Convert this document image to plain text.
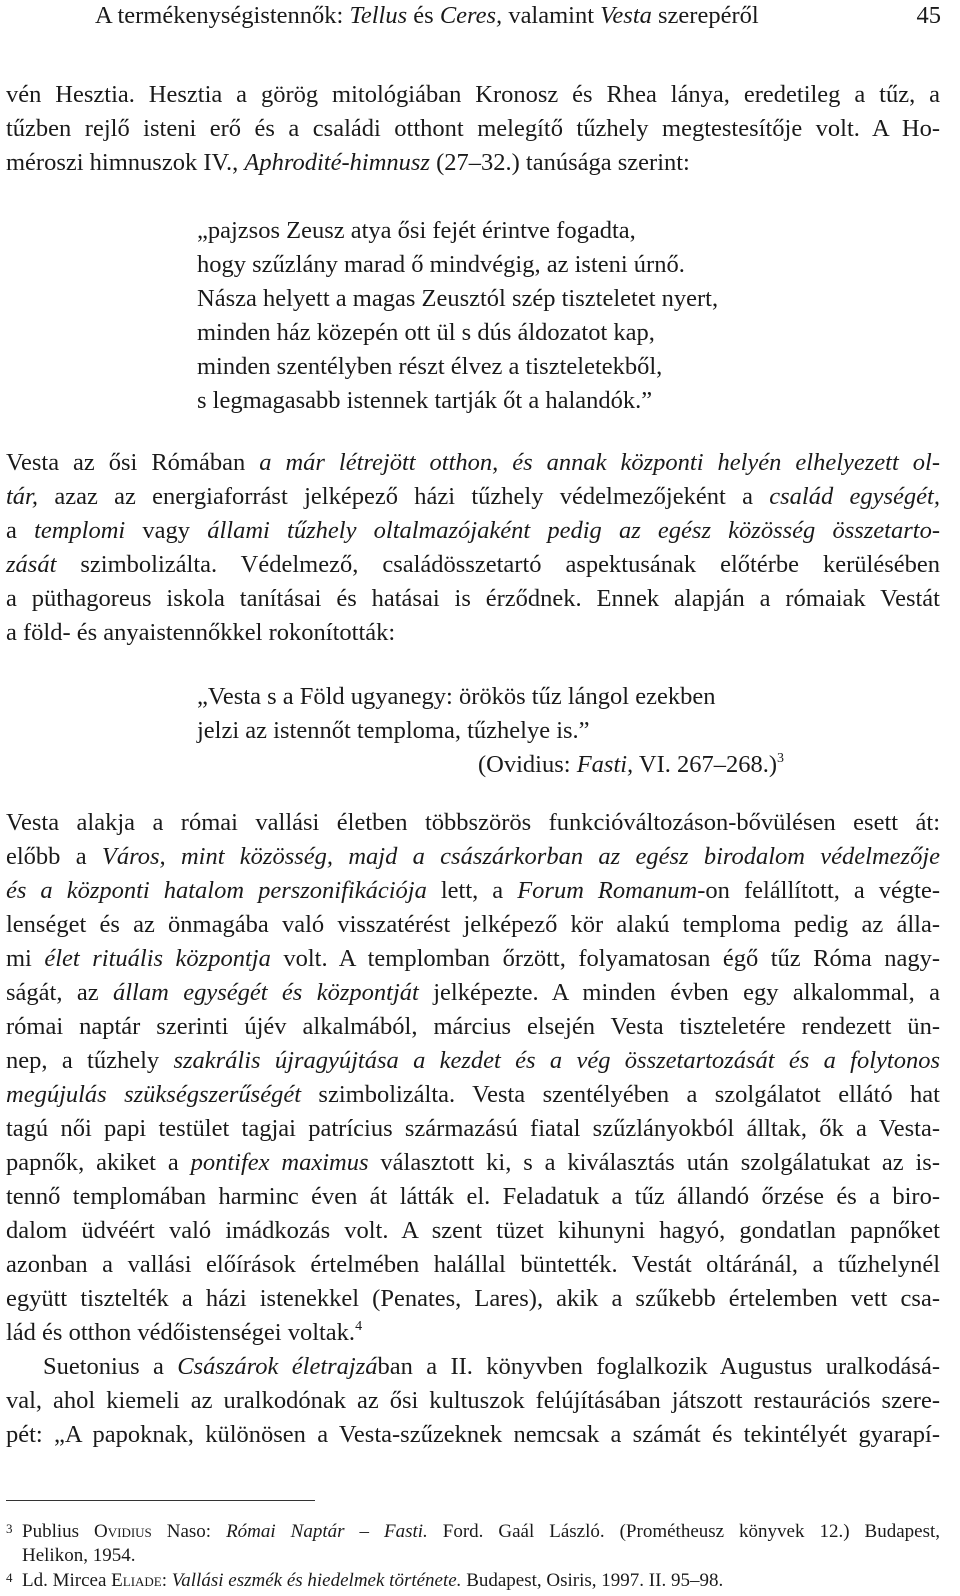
A termékenységistennők: Tellus és Ceres, valamint Vesta szerepéről	45
vén Hesztia. Hesztia a görög mitológiában Kronosz és Rhea lánya, eredetileg a tűz, a
tűzben rejlő isteni erő és a családi otthont melegítő tűzhely megtestesítője volt. A Ho-
méroszi himnuszok IV., Aphrodité-himnusz (27–32.) tanúsága szerint:
„pajzsos Zeusz atya ősi fejét érintve fogadta,
hogy szűzlány marad ő mindvégig, az isteni úrnő.
Násza helyett a magas Zeusztól szép tiszteletet nyert,
minden ház közepén ott ül s dús áldozatot kap,
minden szentélyben részt élvez a tiszteletekből,
s legmagasabb istennek tartják őt a halandók.”
Vesta az ősi Rómában a már létrejött otthon, és annak központi helyén elhelyezett ol-
tár, azaz az energiaforrást jelképező házi tűzhely védelmezőjeként a család egységét,
a templomi vagy állami tűzhely oltalmazójaként pedig az egész közösség összetarto-
zását szimbolizálta. Védelmező, családösszetartó aspektusának előtérbe kerülésében
a püthagoreus iskola tanításai és hatásai is érződnek. Ennek alapján a rómaiak Vestát
a föld- és anyaistennőkkel rokonították:
„Vesta s a Föld ugyanegy: örökös tűz lángol ezekben
jelzi az istennőt temploma, tűzhelye is.”
(Ovidius: Fasti, VI. 267–268.)$^3$
Vesta alakja a római vallási életben többszörös funkcióváltozáson-bővülésen esett át:
előbb a Város, mint közösség, majd a császárkorban az egész birodalom védelmezője
és a központi hatalom perszonifikációja lett, a Forum Romanum-on felállított, a végte-
lenséget és az önmagába való visszatérést jelképező kör alakú temploma pedig az álla-
mi élet rituális központja volt. A templomban őrzött, folyamatosan égő tűz Róma nagy-
ságát, az állam egységét és központját jelképezte. A minden évben egy alkalommal, a
római naptár szerinti újév alkalmából, március elsején Vesta tiszteletére rendezett ün-
nep, a tűzhely szakrális újragyújtása a kezdet és a vég összetartozását és a folytonos
megújulás szükségszerűségét szimbolizálta. Vesta szentélyében a szolgálatot ellátó hat
tagú női papi testület tagjai patrícius származású fiatal szűzlányokból álltak, ők a Vesta-
papnők, akiket a pontifex maximus választott ki, s a kiválasztás után szolgálatukat az is-
tennő templomában harminc éven át látták el. Feladatuk a tűz állandó őrzése és a biro-
dalom üdvéért való imádkozás volt. A szent tüzet kihunyni hagyó, gondatlan papnőket
azonban a vallási előírások értelmében halállal büntették. Vestát oltáránál, a tűzhelynél
együtt tisztelték a házi istenekkel (Penates, Lares), akik a szűkebb értelemben vett csa-
lád és otthon védőistenségei voltak.$^4$
Suetonius a Császárok életrajzában a II. könyvben foglalkozik Augustus uralkodásá-
val, ahol kiemeli az uralkodónak az ősi kultuszok felújításában játszott restaurációs szere-
pét: „A papoknak, különösen a Vesta-szűzeknek nemcsak a számát és tekintélyét gyarapí-
3 Publius Ovidius Naso: Római Naptár – Fasti. Ford. Gaál László. (Prométheusz könyvek 12.) Budapest,
Helikon, 1954.
4 Ld. Mircea Eliade: Vallási eszmék és hiedelmek története. Budapest, Osiris, 1997. II. 95–98.
